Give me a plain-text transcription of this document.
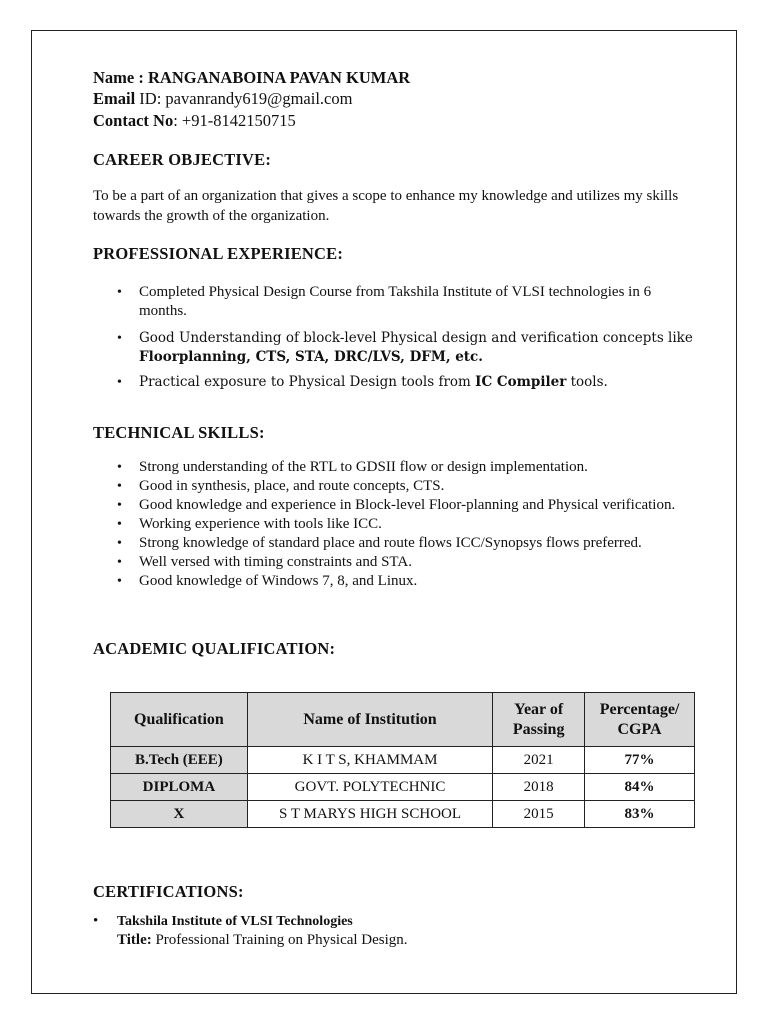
Name : RANGANABOINA PAVAN KUMAR
Email ID: pavanrandy619@gmail.com
Contact No: +91-8142150715
CAREER OBJECTIVE:
To be a part of an organization that gives a scope to enhance my knowledge and utilizes my skills towards the growth of the organization.
PROFESSIONAL EXPERIENCE:
• Completed Physical Design Course from Takshila Institute of VLSI technologies in 6 months.
• Good Understanding of block-level Physical design and verification concepts like
Floorplanning, CTS, STA, DRC/LVS, DFM, etc.
• Practical exposure to Physical Design tools from IC Compiler tools.
TECHNICAL SKILLS:
• Strong understanding of the RTL to GDSII flow or design implementation.
• Good in synthesis, place, and route concepts, CTS.
• Good knowledge and experience in Block-level Floor-planning and Physical verification.
• Working experience with tools like ICC.
• Strong knowledge of standard place and route flows ICC/Synopsys flows preferred.
• Well versed with timing constraints and STA.
• Good knowledge of Windows 7, 8, and Linux.
ACADEMIC QUALIFICATION:
Qualification	Name of Institution	Year of Passing	Percentage/ CGPA
B.Tech (EEE)	K I T S, KHAMMAM	2021	77%
DIPLOMA	GOVT. POLYTECHNIC	2018	84%
X	S T MARYS HIGH SCHOOL	2015	83%
CERTIFICATIONS:
• Takshila Institute of VLSI Technologies
Title: Professional Training on Physical Design.
